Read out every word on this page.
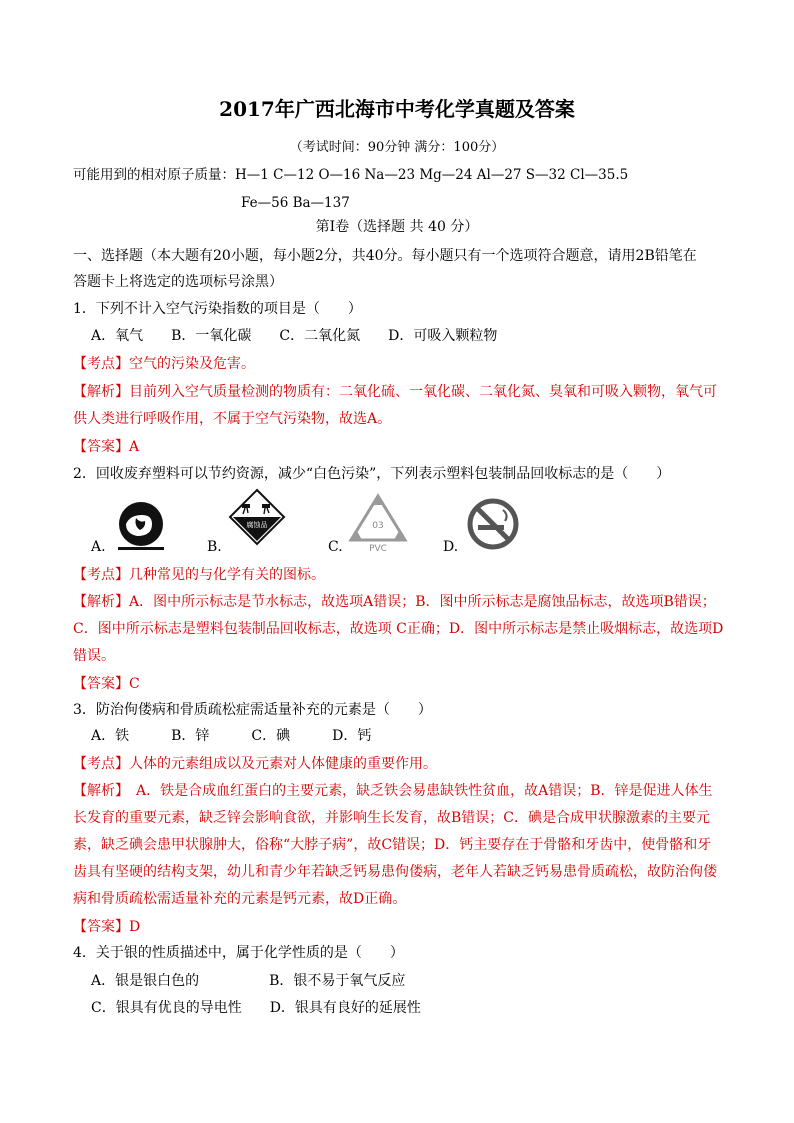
2017年广西北海市中考化学真题及答案
（考试时间：90分钟 满分：100分）
可能用到的相对原子质量：H—1 C—12 O—16 Na—23 Mg—24 Al—27 S—32 Cl—35.5
Fe—56 Ba—137
第Ⅰ卷（选择题 共 40 分）
一、选择题（本大题有20小题，每小题2分，共40分。每小题只有一个选项符合题意，请用2B铅笔在
答题卡上将选定的选项标号涂黑）
1．下列不计入空气污染指数的项目是（　　）
A．氧气　　B．一氧化碳　　C．二氧化氮　　D．可吸入颗粒物
【考点】空气的污染及危害。
【解析】目前列入空气质量检测的物质有：二氧化硫、一氧化碳、二氧化氮、臭氧和可吸入颗物，氧气可
供人类进行呼吸作用，不属于空气污染物，故选A。
【答案】A
2．回收废弃塑料可以节约资源，减少“白色污染”，下列表示塑料包装制品回收标志的是（　　）
A.	B.
腐蚀品
C.
03
PVC	D.
【考点】几种常见的与化学有关的图标。
【解析】A．图中所示标志是节水标志，故选项A错误；B．图中所示标志是腐蚀品标志，故选项B错误；
C．图中所示标志是塑料包装制品回收标志，故选项 C正确；D．图中所示标志是禁止吸烟标志，故选项D
错误。
【答案】C
3．防治佝偻病和骨质疏松症需适量补充的元素是（　　）
A．铁　　　B．锌　　　C．碘　　　D．钙
【考点】人体的元素组成以及元素对人体健康的重要作用。
【解析】　A．铁是合成血红蛋白的主要元素，缺乏铁会易患缺铁性贫血，故A错误；B．锌是促进人体生
长发育的重要元素，缺乏锌会影响食欲，并影响生长发育，故B错误；C．碘是合成甲状腺激素的主要元
素，缺乏碘会患甲状腺肿大，俗称“大脖子病”，故C错误；D．钙主要存在于骨骼和牙齿中，使骨骼和牙
齿具有坚硬的结构支架，幼儿和青少年若缺乏钙易患佝偻病，老年人若缺乏钙易患骨质疏松，故防治佝偻
病和骨质疏松需适量补充的元素是钙元素，故D正确。
【答案】D
4．关于银的性质描述中，属于化学性质的是（　　）
A．银是银白色的　　　　　B．银不易于氧气反应
C．银具有优良的导电性　　D．银具有良好的延展性
